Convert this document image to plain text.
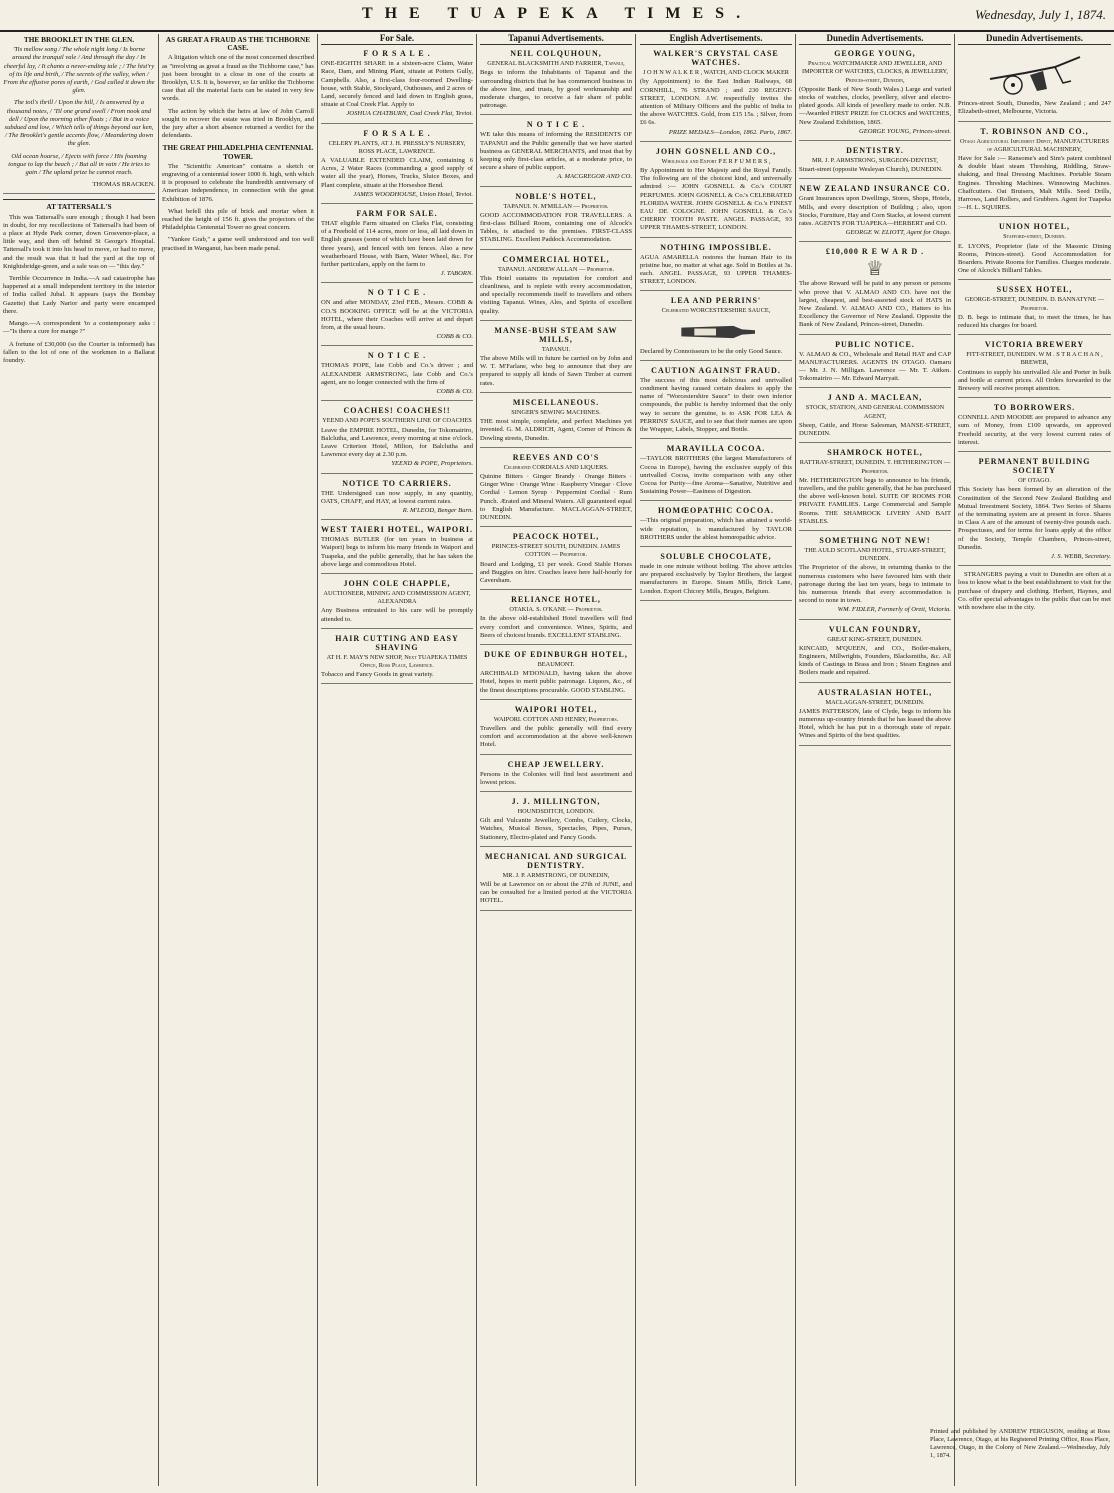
THE TUAPEKA TIMES.	Wednesday, July 1, 1874.
THE BROOKLET IN THE GLEN.

'Tis mellow song / The whole night long / Is borne around the tranquil vale / And through the day / In cheerful lay, / It chants a never-ending tale ; / The hist'ry of its life and birth, / The secrets of the valley, when / From the effusive pores of earth, / God called it down the glen.

The toil's thrill / Upon the hill, / Is answered by a thousand notes, / 'Til one grand swell / From nook and dell / Upon the morning ether floats ; / But in a voice subdued and low, / Which tells of things beyond our ken, / The Brooklet's gentle accents flow, / Meandering down the glen.

Old ocean hoarse, / Ejects with force / His foaming tongue to lap the beach ; / But all in vain / He tries to gain / The upland prize he cannot reach.

THOMAS BRACKEN.

AT TATTERSALL'S

This was Tattersall's sure enough ; though I had been in doubt, for my recollections of Tattersall's had been of a place at Hyde Park corner, down Grosvenor-place, a little way, and then off behind St George's Hospital. Tattersall's took it into his head to move, or had to move, and the result was that it had the yard at the top of Knightsbridge-green, and a sale was on — "this day."

Terrible Occurrence in India.—A sad catastrophe has happened at a small independent territory in the interior of India called Jubal. It appears (says the Bombay Gazette) that Lady Narior and party were encamped there.

Mango.—A correspondent 'to a contemporary asks :—"Is there a cure for mange ?"

A fortune of £30,000 (so the Courier is informed) has fallen to the lot of one of the workmen in a Ballarat foundry.

AS GREAT A FRAUD AS THE TICHBORNE CASE.

A litigation which one of the most concerned described as "involving as great a fraud as the Tichborne case," has just been brought to a close in one of the courts at Brooklyn, U.S. It is, however, so far unlike the Tichborne case that all the material facts can be stated in very few words.

The action by which the heirs at law of John Carroll sought to recover the estate was tried in Brooklyn, and the jury after a short absence returned a verdict for the defendants.

THE GREAT PHILADELPHIA CENTENNIAL TOWER.

The "Scientific American" contains a sketch or engraving of a centennial tower 1000 ft. high, with which it is proposed to celebrate the hundredth anniversary of American independence, in connection with the great Exhibition of 1876.

What befell this pile of brick and mortar when it reached the height of 156 ft. gives the projectors of the Philadelphia Centennial Tower no great concern.

"Yankee Grab," a game well understood and too well practised in Wanganui, has been made penal.

For Sale.
F O R S A L E .

ONE-EIGHTH SHARE in a sixteen-acre Claim, Water Race, Dam, and Mining Plant, situate at Potters Gully, Campbells. Also, a first-class four-roomed Dwelling-house, with Stable, Stockyard, Outhouses, and 2 acres of Land, securely fenced and laid down in English grass, situate at Coal Creek Flat. Apply to

JOSHUA CHATBURN, Coal Creek Flat, Teviot.

F O R S A L E .
CELERY PLANTS, AT J. H. PRESSLY'S NURSERY, ROSS PLACE, LAWRENCE.

A VALUABLE EXTENDED CLAIM, containing 6 Acres, 2 Water Races (commanding a good supply of water all the year), Horses, Trucks, Sluice Boxes, and Plant complete, situate at the Horseshoe Bend.

JAMES WOODHOUSE, Union Hotel, Teviot.

FARM FOR SALE.

THAT eligible Farm situated on Clarks Flat, consisting of a Freehold of 114 acres, more or less, all laid down in English grasses (some of which have been laid down for three years), and fenced with ten fences. Also a new weatherboard House, with Barn, Water Wheel, &c. For further particulars, apply on the farm to

J. TABORN.

N O T I C E .

ON and after MONDAY, 23rd FEB., Messrs. COBB & CO.'S BOOKING OFFICE will be at the VICTORIA HOTEL, where their Coaches will arrive at and depart from, at the usual hours.

COBB & CO.

N O T I C E .

THOMAS POPE, late Cobb and Co.'s driver ; and ALEXANDER ARMSTRONG, late Cobb and Co.'s agent, are no longer connected with the firm of

COBB & CO.

COACHES! COACHES!!
YEEND AND POPE'S SOUTHERN LINE OF COACHES

Leave the EMPIRE HOTEL, Dunedin, for Tokomairiro, Balclutha, and Lawrence, every morning at nine o'clock. Leave Criterion Hotel, Milton, for Balclutha and Lawrence every day at 2.30 p.m.

YEEND & POPE, Proprietors.

NOTICE TO CARRIERS.

THE Undersigned can now supply, in any quantity, OATS, CHAFF, and HAY, at lowest current rates.

R. M'LEOD, Benger Burn.

WEST TAIERI HOTEL, WAIPORI.

THOMAS BUTLER (for ten years in business at Waipori) begs to inform his many friends in Waipori and Tuapeka, and the public generally, that he has taken the above large and commodious Hotel.

JOHN COLE CHAPPLE,
AUCTIONEER, MINING AND COMMISSION AGENT, ALEXANDRA

Any Business entrusted to his care will be promptly attended to.

HAIR CUTTING AND EASY SHAVING
AT H. F. MAY'S NEW SHOP, Next TUAPEKA TIMES Office, Ross Place, Lawrence.

Tobacco and Fancy Goods in great variety.

Tapanui Advertisements.
NEIL COLQUHOUN,
GENERAL BLACKSMITH AND FARRIER, Tapanui,

Begs to inform the Inhabitants of Tapanui and the surrounding districts that he has commenced business in the above line, and trusts, by good workmanship and moderate charges, to receive a fair share of public patronage.

N O T I C E .

WE take this means of informing the RESIDENTS OF TAPANUI and the Public generally that we have started business as GENERAL MERCHANTS, and trust that by keeping only first-class articles, at a moderate price, to secure a share of public support.

A. MACGREGOR AND CO.

NOBLE'S HOTEL,
TAPANUI. N. M'MILLAN — Proprietor.

GOOD ACCOMMODATION FOR TRAVELLERS. A first-class Billiard Room, containing one of Alcock's Tables, is attached to the premises. FIRST-CLASS STABLING. Excellent Paddock Accommodation.

COMMERCIAL HOTEL,
TAPANUI. ANDREW ALLAN — Proprietor.

This Hotel sustains its reputation for comfort and cleanliness, and is replete with every accommodation, and specially recommends itself to travellers and others visiting Tapanui. Wines, Ales, and Spirits of excellent quality.

MANSE-BUSH STEAM SAW MILLS,
TAPANUI.

The above Mills will in future be carried on by John and W. T. M'Farlane, who beg to announce that they are prepared to supply all kinds of Sawn Timber at current rates.

MISCELLANEOUS.
SINGER'S SEWING MACHINES.

THE most simple, complete, and perfect Machines yet invented. G. M. ALDRICH, Agent, Corner of Princes & Dowling streets, Dunedin.

REEVES AND CO'S
Celebrated CORDIALS AND LIQUERS.

Quinine Bitters · Ginger Brandy · Orange Bitters · Ginger Wine · Orange Wine · Raspberry Vinegar · Clove Cordial · Lemon Syrup · Peppermint Cordial · Rum Punch. Ærated and Mineral Waters. All guaranteed equal to English Manufacture. MACLAGGAN-STREET, DUNEDIN.

PEACOCK HOTEL,
PRINCES-STREET SOUTH, DUNEDIN. JAMES COTTON — Proprietor.

Board and Lodging, £1 per week. Good Stable Horses and Buggies on hire. Coaches leave here half-hourly for Caversham.

RELIANCE HOTEL,
OTAKIA. S. O'KANE — Proprietor.

In the above old-established Hotel travellers will find every comfort and convenience. Wines, Spirits, and Beers of choicest brands. EXCELLENT STABLING.

DUKE OF EDINBURGH HOTEL,
BEAUMONT.

ARCHIBALD M'DONALD, having taken the above Hotel, hopes to merit public patronage. Liquors, &c., of the finest descriptions procurable. GOOD STABLING.

WAIPORI HOTEL,
WAIPORI. COTTON AND HENRY, Proprietors.

Travellers and the public generally will find every comfort and accommodation at the above well-known Hotel.

CHEAP JEWELLERY.

Persons in the Colonies will find best assortment and lowest prices.

J. J. MILLINGTON,
HOUNDSDITCH, LONDON.

Gilt and Vulcanite Jewellery, Combs, Cutlery, Clocks, Watches, Musical Boxes, Spectacles, Pipes, Purses, Stationery, Electro-plated and Fancy Goods.

MECHANICAL AND SURGICAL DENTISTRY.
MR. J. P. ARMSTRONG, OF DUNEDIN,

Will be at Lawrence on or about the 27th of JUNE, and can be consulted for a limited period at the VICTORIA HOTEL.

English Advertisements.
WALKER'S CRYSTAL CASE WATCHES.
J O H N W A L K E R , WATCH, AND CLOCK MAKER

(by Appointment) to the East Indian Railways, 68 CORNHILL, 76 STRAND ; and 230 REGENT-STREET, LONDON. J.W. respectfully invites the attention of Military Officers and the public of India to the above WATCHES. Gold, from £15 15s. ; Silver, from £6 6s.

PRIZE MEDALS—London, 1862. Paris, 1867.

JOHN GOSNELL AND CO.,
Wholesale and Export P E R F U M E R S ,

By Appointment to Her Majesty and the Royal Family. The following are of the choicest kind, and universally admired :— JOHN GOSNELL & Co.'s COURT PERFUMES. JOHN GOSNELL & Co.'s CELEBRATED FLORIDA WATER. JOHN GOSNELL & Co.'s FINEST EAU DE COLOGNE. JOHN GOSNELL & Co.'s CHERRY TOOTH PASTE. ANGEL PASSAGE, 93 UPPER THAMES-STREET, LONDON.

NOTHING IMPOSSIBLE.

AGUA AMARELLA restores the human Hair to its pristine hue, no matter at what age. Sold in Bottles at 3s. each. ANGEL PASSAGE, 93 UPPER THAMES-STREET, LONDON.

LEA AND PERRINS'
Celebrated WORCESTERSHIRE SAUCE,

Declared by Connoisseurs to be the only Good Sauce.

CAUTION AGAINST FRAUD.

The success of this most delicious and unrivalled condiment having caused certain dealers to apply the name of "Worcestershire Sauce" to their own inferior compounds, the public is hereby informed that the only way to secure the genuine, is to ASK FOR LEA & PERRINS' SAUCE, and to see that their names are upon the Wrapper, Labels, Stopper, and Bottle.

MARAVILLA COCOA.

—TAYLOR BROTHERS (the largest Manufacturers of Cocoa in Europe), having the exclusive supply of this unrivalled Cocoa, invite comparison with any other Cocoa for Purity—fine Aroma—Sanative, Nutritive and Sustaining Power—Easiness of Digestion.

HOMŒOPATHIC COCOA.

—This original preparation, which has attained a world-wide reputation, is manufactured by TAYLOR BROTHERS under the ablest homœopathic advice.

SOLUBLE CHOCOLATE,

made in one minute without boiling. The above articles are prepared exclusively by Taylor Brothers, the largest manufacturers in Europe. Steam Mills, Brick Lane, London. Export Chicory Mills, Bruges, Belgium.

Dunedin Advertisements.
GEORGE YOUNG,
Practical WATCHMAKER AND JEWELLER, AND IMPORTER OF WATCHES, CLOCKS, & JEWELLERY, Princes-street, Dunedin,

(Opposite Bank of New South Wales.) Large and varied stocks of watches, clocks, jewellery, silver and electro-plated goods. All kinds of jewellery made to order. N.B.—Awarded FIRST PRIZE for CLOCKS and WATCHES, New Zealand Exhibition, 1865.

GEORGE YOUNG, Princes-street.

DENTISTRY.
MR. J. P. ARMSTRONG, SURGEON-DENTIST,

Stuart-street (opposite Wesleyan Church), DUNEDIN.

NEW ZEALAND INSURANCE CO.

Grant Insurances upon Dwellings, Stores, Shops, Hotels, Mills, and every description of Building ; also, upon Stocks, Furniture, Hay and Corn Stacks, at lowest current rates. AGENTS FOR TUAPEKA—HERBERT and CO.

GEORGE W. ELIOTT, Agent for Otago.

£10,000 R E W A R D .
♕

The above Reward will be paid to any person or persons who prove that V. ALMAO AND CO. have not the largest, cheapest, and best-assorted stock of HATS in New Zealand. V. ALMAO AND CO., Hatters to his Excellency the Governor of New Zealand. Opposite the Bank of New Zealand, Princes-street, Dunedin.

PUBLIC NOTICE.

V. ALMAO & CO., Wholesale and Retail HAT and CAP MANUFACTURERS. AGENTS IN OTAGO. Oamaru — Mr. J. N. Milligan. Lawrence — Mr. T. Aitken. Tokomairiro — Mr. Edward Marryatt.

J AND A. MACLEAN,
STOCK, STATION, AND GENERAL COMMISSION AGENT,

Sheep, Cattle, and Horse Salesman, MANSE-STREET, DUNEDIN.

SHAMROCK HOTEL,
RATTRAY-STREET, DUNEDIN. T. HETHERINGTON — Proprietor.

Mr. HETHERINGTON begs to announce to his friends, travellers, and the public generally, that he has purchased the above well-known hotel. SUITE OF ROOMS FOR PRIVATE FAMILIES. Large Commercial and Sample Rooms. THE SHAMROCK LIVERY AND BAIT STABLES.

SOMETHING NOT NEW!
THE AULD SCOTLAND HOTEL, STUART-STREET, DUNEDIN.

The Proprietor of the above, in returning thanks to the numerous customers who have favoured him with their patronage during the last ten years, begs to intimate to his numerous friends that every accommodation is second to none in town.

WM. FIDLER, Formerly of Oreti, Victoria.

VULCAN FOUNDRY,
GREAT KING-STREET, DUNEDIN.

KINCAID, M'QUEEN, and CO., Boiler-makers, Engineers, Millwrights, Founders, Blacksmiths, &c. All kinds of Castings in Brass and Iron ; Steam Engines and Boilers made and repaired.

AUSTRALASIAN HOTEL,
MACLAGGAN-STREET, DUNEDIN.

JAMES PATTERSON, late of Clyde, begs to inform his numerous up-country friends that he has leased the above Hotel, which he has put in a thorough state of repair. Wines and Spirits of the best qualities.

Dunedin Advertisements.

Princes-street South, Dunedin, New Zealand ; and 247 Elizabeth-street, Melbourne, Victoria.

T. ROBINSON AND CO.,
Otago Agricultural Implement Depot, MANUFACTURERS of AGRICULTURAL MACHINERY,

Have for Sale :— Ransome's and Sim's patent combined & double blast steam Threshing, Riddling, Straw-shaking, and final Dressing Machines. Portable Steam Engines. Threshing Machines. Winnowing Machines. Chaffcutters. Oat Bruisers, Malt Mills. Seed Drills, Harrows, Land Rollers, and Grubbers. Agent for Tuapeka :—H. L. SQUIRES.

UNION HOTEL,
Stafford-street, Dunedin.

E. LYONS, Proprietor (late of the Masonic Dining Rooms, Princes-street). Good Accommodation for Boarders. Private Rooms for Families. Charges moderate. One of Alcock's Billiard Tables.

SUSSEX HOTEL,
GEORGE-STREET, DUNEDIN. D. BANNATYNE — Proprietor.

D. B. begs to intimate that, to meet the times, he has reduced his charges for board.

VICTORIA BREWERY
FITT-STREET, DUNEDIN. W M . S T R A C H A N , BREWER,

Continues to supply his unrivalled Ale and Porter in bulk and bottle at current prices. All Orders forwarded to the Brewery will receive prompt attention.

TO BORROWERS.

CONNELL AND MOODIE are prepared to advance any sum of Money, from £100 upwards, on approved Freehold security, at the very lowest current rates of interest.

PERMANENT BUILDING SOCIETY
OF OTAGO.

This Society has been formed by an alteration of the Constitution of the Second New Zealand Building and Mutual Investment Society, 1864. Two Series of Shares of the terminating system are at present in force. Shares in Class A are of the amount of twenty-five pounds each. Prospectuses, and for terms for loans apply at the office of the Society, Temple Chambers, Princes-street, Dunedin.

J. S. WEBB, Secretary.

STRANGERS paying a visit to Dunedin are often at a loss to know what is the best establishment to visit for the purchase of drapery and clothing. Herbert, Haynes, and Co. offer special advantages to the public that can be met with nowhere else in the city.

Printed and published by ANDREW FERGUSON, residing at Ross Place, Lawrence, Otago, at his Registered Printing Office, Ross Place, Lawrence, Otago, in the Colony of New Zealand.—Wednesday, July 1, 1874.
